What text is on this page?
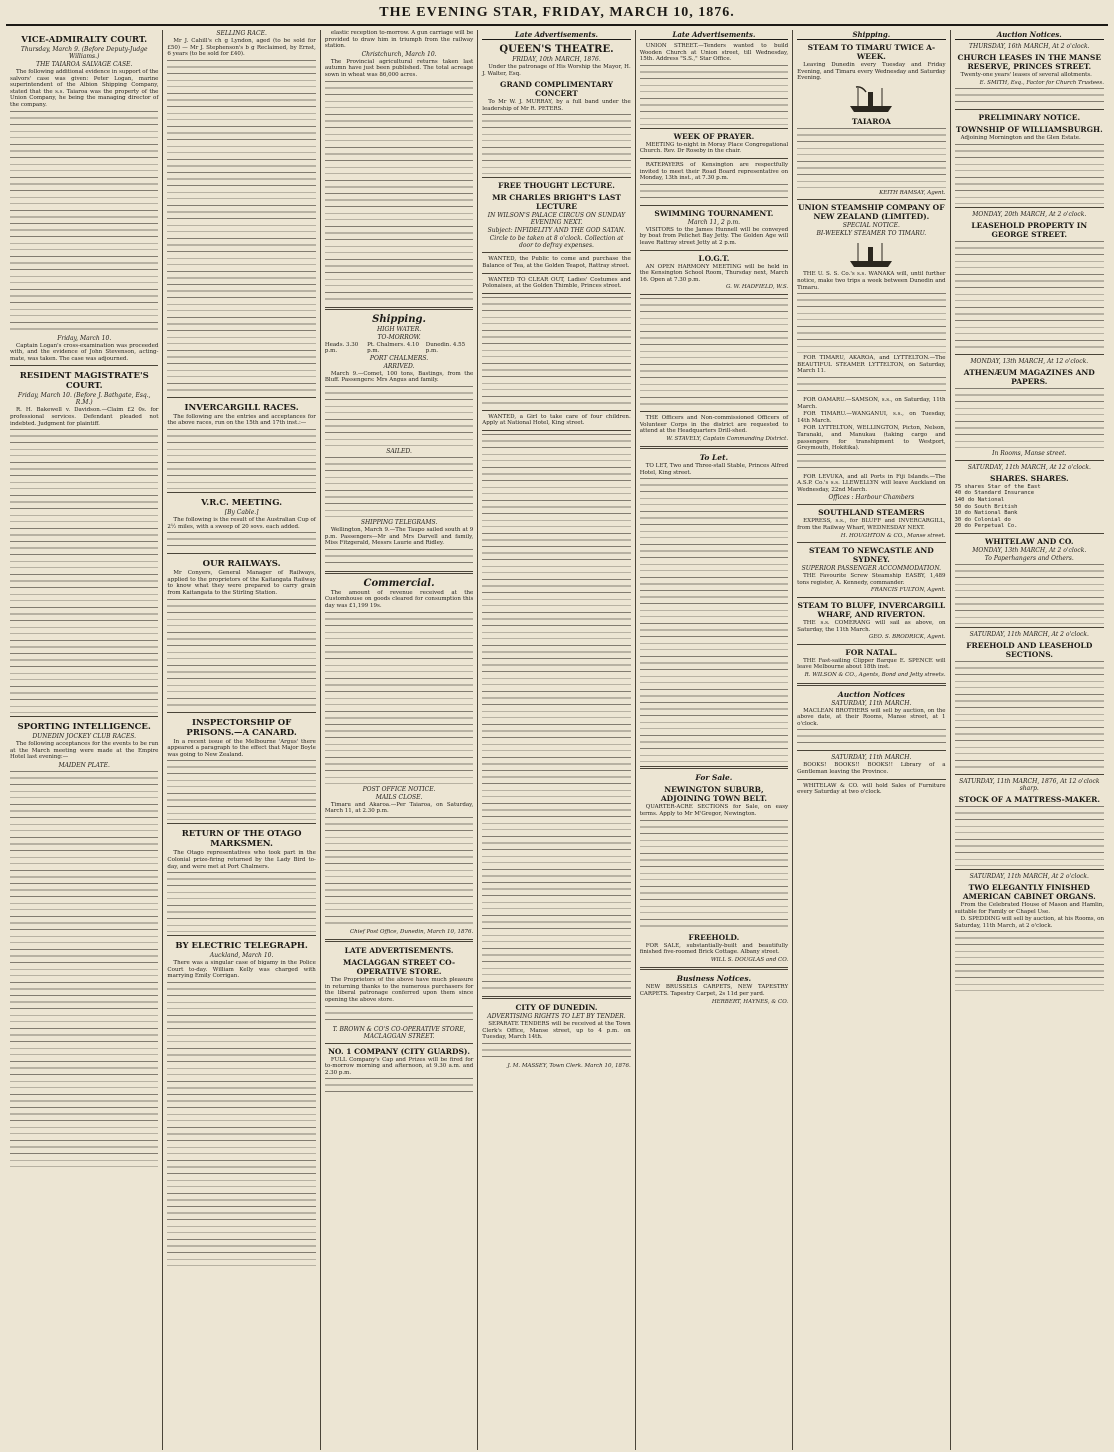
THE EVENING STAR, FRIDAY, MARCH 10, 1876.
VICE-ADMIRALTY COURT.
Thursday, March 9. (Before Deputy-Judge Williams.)
THE TAIAROA SALVAGE CASE.

The following additional evidence in support of the salvors' case was given: Peter Logan, marine superintendent of the Albion Shipping Company, stated that the s.s. Taiaroa was the property of the Union Company, he being the managing director of the company.

Friday, March 10.

Captain Logan's cross-examination was proceeded with, and the evidence of John Stevenson, acting-mate, was taken. The case was adjourned.

RESIDENT MAGISTRATE'S COURT.
Friday, March 10. (Before J. Bathgate, Esq., R.M.)

R. H. Bakewell v. Davidson.—Claim £2 0s. for professional services. Defendant pleaded not indebted. Judgment for plaintiff.

SPORTING INTELLIGENCE.
DUNEDIN JOCKEY CLUB RACES.

The following acceptances for the events to be run at the March meeting were made at the Empire Hotel last evening:—

MAIDEN PLATE.
SELLING RACE.

Mr J. Cahill's ch g Lyndon, aged (to be sold for £50) — Mr J. Stephenson's b g Reclaimed, by Ernst, 6 years (to be sold for £40).

INVERCARGILL RACES.

The following are the entries and acceptances for the above races, run on the 15th and 17th inst.:—

V.R.C. MEETING.
[By Cable.]

The following is the result of the Australian Cup of 2½ miles, with a sweep of 20 sovs. each added.

OUR RAILWAYS.

Mr Conyers, General Manager of Railways, applied to the proprietors of the Kaitangata Railway to know what they were prepared to carry grain from Kaitangata to the Stirling Station.

INSPECTORSHIP OF PRISONS.—A CANARD.

In a recent issue of the Melbourne 'Argus' there appeared a paragraph to the effect that Major Boyle was going to New Zealand.

RETURN OF THE OTAGO MARKSMEN.

The Otago representatives who took part in the Colonial prize-firing returned by the Lady Bird to-day, and were met at Port Chalmers.

BY ELECTRIC TELEGRAPH.
Auckland, March 10.

There was a singular case of bigamy in the Police Court to-day. William Kelly was charged with marrying Emily Corrigan.

elastic reception to-morrow. A gun carriage will be provided to draw him in triumph from the railway station.

Christchurch, March 10.

The Provincial agricultural returns taken last autumn have just been published. The total acreage sown in wheat was 86,000 acres.

Shipping.
HIGH WATER.
TO-MORROW.
Heads. 3.30 p.m.
Pt. Chalmers. 4.10 p.m.
Dunedin. 4.55 p.m.
PORT CHALMERS.
ARRIVED.

March 9.—Comet, 100 tons, Bastings, from the Bluff. Passengers: Mrs Angus and family.

SAILED.
SHIPPING TELEGRAMS.

Wellington, March 9.—The Taupo sailed south at 9 p.m. Passengers—Mr and Mrs Darvell and family, Miss Fitzgerald, Messrs Laurie and Ridley.

Commercial.

The amount of revenue received at the Customhouse on goods cleared for consumption this day was £1,199 19s.

POST OFFICE NOTICE.
MAILS CLOSE.

Timaru and Akaroa.—Per Taiaroa, on Saturday, March 11, at 2.30 p.m.

Chief Post Office, Dunedin, March 10, 1876.
LATE ADVERTISEMENTS.
MACLAGGAN STREET CO-OPERATIVE STORE.

The Proprietors of the above have much pleasure in returning thanks to the numerous purchasers for the liberal patronage conferred upon them since opening the above store.

T. BROWN & CO'S CO-OPERATIVE STORE, MACLAGGAN STREET.
NO. 1 COMPANY (CITY GUARDS).

FULL Company's Cap and Prizes will be fired for to-morrow morning and afternoon, at 9.30 a.m. and 2.30 p.m.

Late Advertisements.
QUEEN'S THEATRE.
FRIDAY, 10th MARCH, 1876.

Under the patronage of His Worship the Mayor, H. J. Walter, Esq.

GRAND COMPLIMENTARY CONCERT

To Mr W. J. MURRAY, by a full band under the leadership of Mr R. PETERS.

FREE THOUGHT LECTURE.
MR CHARLES BRIGHT'S LAST LECTURE
IN WILSON'S PALACE CIRCUS ON SUNDAY EVENING NEXT.
Subject: INFIDELITY AND THE GOD SATAN.
Circle to be taken at 8 o'clock. Collection at door to defray expenses.

WANTED, the Public to come and purchase the Balance of Tea, at the Golden Teapot, Rattray street.

WANTED TO CLEAR OUT, Ladies' Costumes and Polonaises, at the Golden Thimble, Princes street.

WANTED, a Girl to take care of four children. Apply at National Hotel, King street.

CITY OF DUNEDIN.
ADVERTISING RIGHTS TO LET BY TENDER.

SEPARATE TENDERS will be received at the Town Clerk's Office, Manse street, up to 4 p.m. on Tuesday, March 14th.

J. M. MASSEY, Town Clerk. March 10, 1876.
Late Advertisements.

UNION STREET.—Tenders wanted to build Wooden Church at Union street, till Wednesday, 15th. Address "S.S.," Star Office.

WEEK OF PRAYER.

MEETING to-night in Moray Place Congregational Church. Rev. Dr Roseby in the chair.

RATEPAYERS of Kensington are respectfully invited to meet their Road Board representative on Monday, 13th inst., at 7.30 p.m.

SWIMMING TOURNAMENT.
March 11, 2 p.m.

VISITORS to the James Hunnell will be conveyed by boat from Pelichet Bay Jetty. The Golden Age will leave Rattray street Jetty at 2 p.m.

I.O.G.T.

AN OPEN HARMONY MEETING will be held in the Kensington School Room, Thursday next, March 16. Open at 7.30 p.m.

G. W. HADFIELD, W.S.

THE Officers and Non-commissioned Officers of Volunteer Corps in the district are requested to attend at the Headquarters Drill-shed.

W. STAVELY, Captain Commanding District.
To Let.

TO LET, Two and Three-stall Stable, Princes Alfred Hotel, King street.

For Sale.
NEWINGTON SUBURB, ADJOINING TOWN BELT.

QUARTER-ACRE SECTIONS for Sale, on easy terms. Apply to Mr M'Gregor, Newington.

FREEHOLD.

FOR SALE, substantially-built and beautifully finished five-roomed Brick Cottage. Albany street.

WILL S. DOUGLAS and CO.
Business Notices.

NEW BRUSSELS CARPETS, NEW TAPESTRY CARPETS. Tapestry Carpet, 2s 11d per yard.

HERBERT, HAYNES, & CO.
Shipping.
STEAM TO TIMARU TWICE A-WEEK.

Leaving Dunedin every Tuesday and Friday Evening, and Timaru every Wednesday and Saturday Evening.

TAIAROA
KEITH RAMSAY, Agent.
UNION STEAMSHIP COMPANY OF NEW ZEALAND (LIMITED).
SPECIAL NOTICE.
BI-WEEKLY STEAMER TO TIMARU.

THE U. S. S. Co.'s s.s. WANAKA will, until further notice, make two trips a week between Dunedin and Timaru.

FOR TIMARU, AKAROA, and LYTTELTON.—The BEAUTIFUL STEAMER LYTTELTON, on Saturday, March 11.

FOR OAMARU.—SAMSON, s.s., on Saturday, 11th March.

FOR TIMARU.—WANGANUI, s.s., on Tuesday, 14th March.

FOR LYTTELTON, WELLINGTON, Picton, Nelson, Taranaki, and Manukau (taking cargo and passengers for transhipment to Westport, Greymouth, Hokitika).

FOR LEVUKA, and all Ports in Fiji Islands.—The A.S.P. Co.'s s.s. LLEWELLYN will leave Auckland on Wednesday, 22nd March.

Offices : Harbour Chambers
SOUTHLAND STEAMERS

EXPRESS, s.s., for BLUFF and INVERCARGILL, from the Railway Wharf, WEDNESDAY NEXT.

H. HOUGHTON & CO., Manse street.
STEAM TO NEWCASTLE AND SYDNEY.
SUPERIOR PASSENGER ACCOMMODATION.

THE Favourite Screw Steamship EASBY, 1,489 tons register, A. Kennedy, commander.

FRANCIS FULTON, Agent.
STEAM TO BLUFF, INVERCARGILL WHARF, AND RIVERTON.

THE s.s. COMERANG will sail as above, on Saturday, the 11th March.

GEO. S. BRODRICK, Agent.
FOR NATAL.

THE Fast-sailing Clipper Barque E. SPENCE will leave Melbourne about 18th inst.

R. WILSON & CO., Agents, Bond and Jetty streets.
Auction Notices
SATURDAY, 11th MARCH.

MACLEAN BROTHERS will sell by auction, on the above date, at their Rooms, Manse street, at 1 o'clock.

SATURDAY, 11th MARCH.

BOOKS! BOOKS!! BOOKS!! Library of a Gentleman leaving the Province.

WHITELAW & CO. will hold Sales of Furniture every Saturday at two o'clock.

Auction Notices.
THURSDAY, 16th MARCH, At 2 o'clock.
CHURCH LEASES IN THE MANSE RESERVE, PRINCES STREET.

Twenty-one years' leases of several allotments.

E. SMITH, Esq., Factor for Church Trustees.
PRELIMINARY NOTICE.
TOWNSHIP OF WILLIAMSBURGH.

Adjoining Mornington and the Glen Estate.

MONDAY, 20th MARCH, At 2 o'clock.
LEASEHOLD PROPERTY IN GEORGE STREET.
MONDAY, 13th MARCH, At 12 o'clock.
ATHENÆUM MAGAZINES AND PAPERS.
In Rooms, Manse street.
SATURDAY, 11th MARCH, At 12 o'clock.
SHARES. SHARES.
75 shares Star of the East
40 do Standard Insurance
140 do National
50 do South British
10 do National Bank
30 do Colonial do
20 do Perpetual Co.
WHITELAW AND CO.
MONDAY, 13th MARCH, At 2 o'clock.
To Paperhangers and Others.
SATURDAY, 11th MARCH, At 2 o'clock.
FREEHOLD AND LEASEHOLD SECTIONS.
SATURDAY, 11th MARCH, 1876, At 12 o'clock sharp.
STOCK OF A MATTRESS-MAKER.
SATURDAY, 11th MARCH, At 2 o'clock.
TWO ELEGANTLY FINISHED AMERICAN CABINET ORGANS.

From the Celebrated House of Mason and Hamlin, suitable for Family or Chapel Use.

D. SPEDDING will sell by auction, at his Rooms, on Saturday, 11th March, at 2 o'clock.
